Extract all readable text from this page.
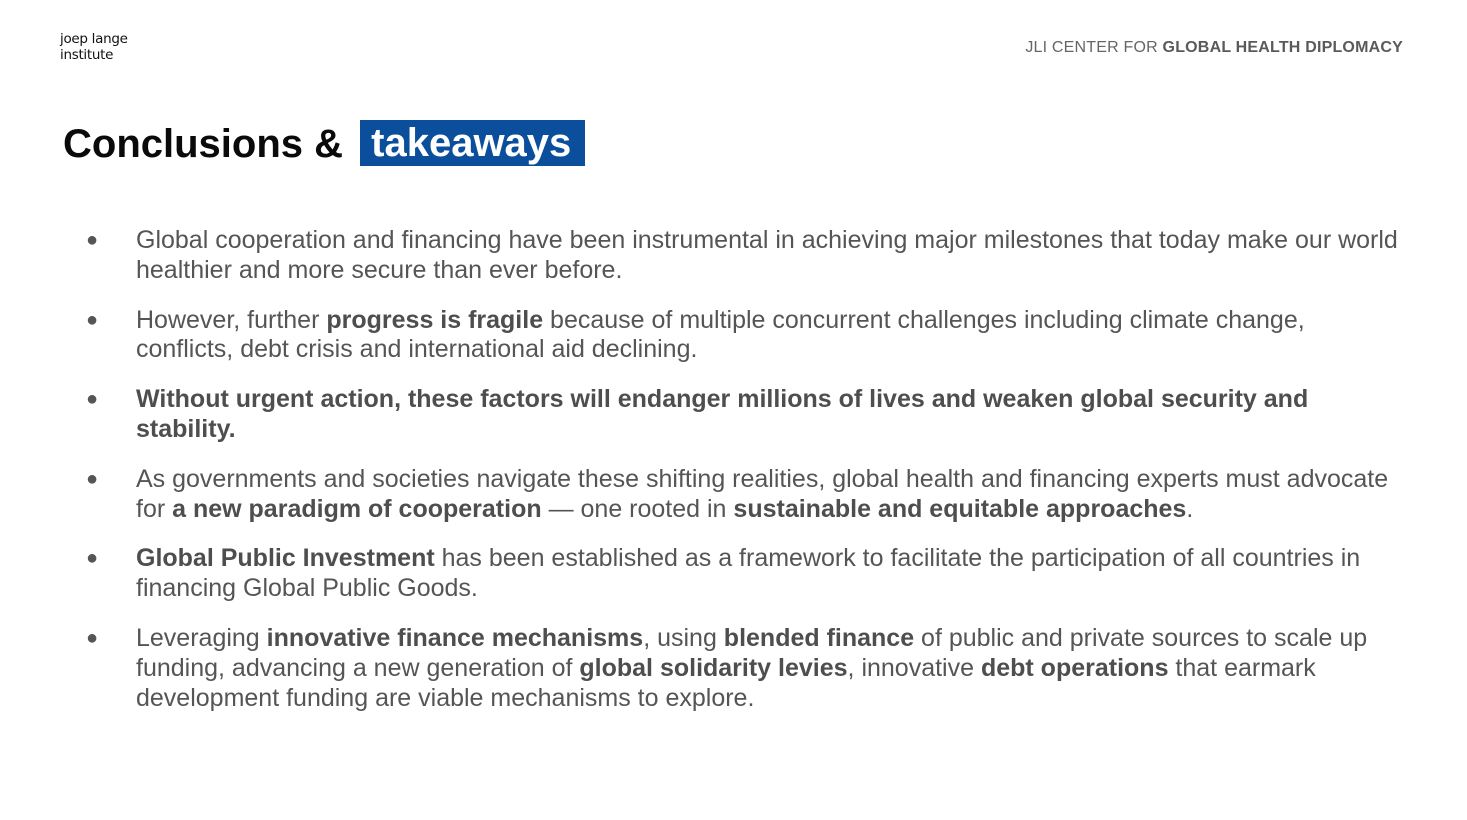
joep lange
institute	JLI CENTER FOR GLOBAL HEALTH DIPLOMACY
Conclusions & takeaways
● Global cooperation and financing have been instrumental in achieving major milestones that today make our world healthier and more secure than ever before.
● However, further progress is fragile because of multiple concurrent challenges including climate change, conflicts, debt crisis and international aid declining.
● Without urgent action, these factors will endanger millions of lives and weaken global security and stability.
● As governments and societies navigate these shifting realities, global health and financing experts must advocate for a new paradigm of cooperation — one rooted in sustainable and equitable approaches.
● Global Public Investment has been established as a framework to facilitate the participation of all countries in financing Global Public Goods.
● Leveraging innovative finance mechanisms, using blended finance of public and private sources to scale up funding, advancing a new generation of global solidarity levies, innovative debt operations that earmark development funding are viable mechanisms to explore.
